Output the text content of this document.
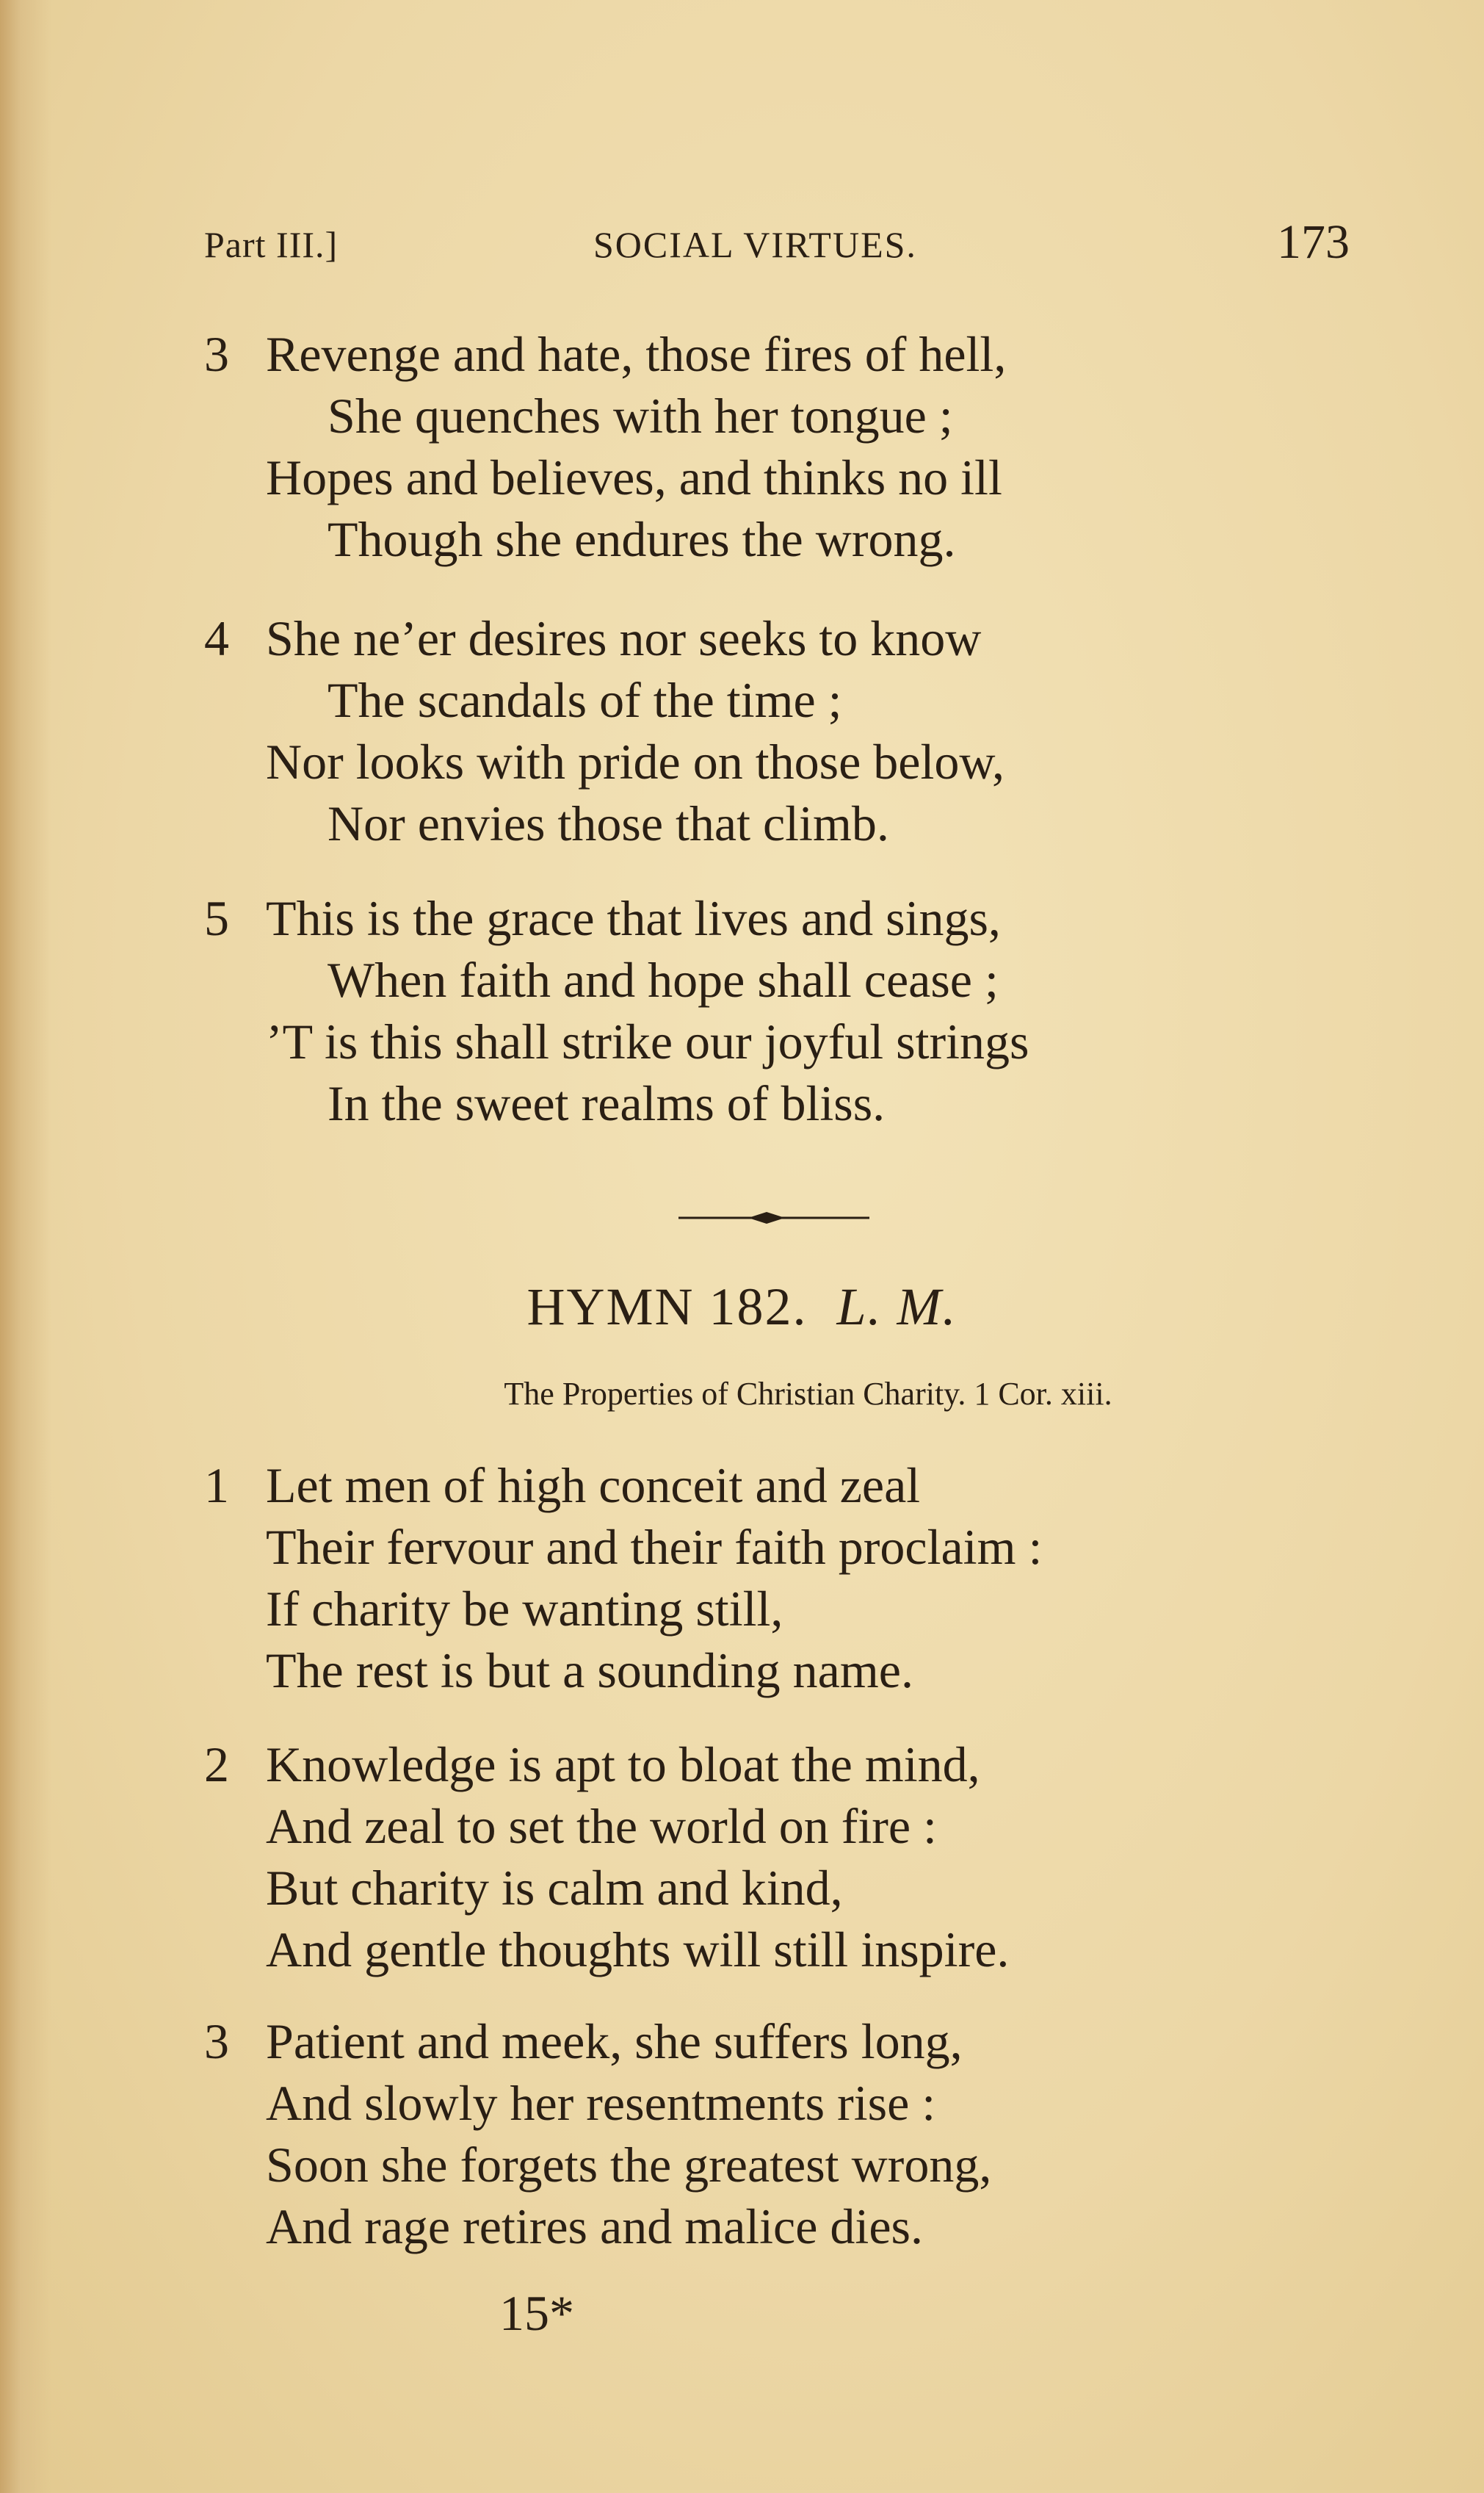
Part III.]	SOCIAL VIRTUES.	173
3 Revenge and hate, those fires of hell,
She quenches with her tongue ;
Hopes and believes, and thinks no ill
Though she endures the wrong.
4 She ne’er desires nor seeks to know
The scandals of the time ;
Nor looks with pride on those below,
Nor envies those that climb.
5 This is the grace that lives and sings,
When faith and hope shall cease ;
’T is this shall strike our joyful strings
In the sweet realms of bliss.
HYMN 182. L. M.
The Properties of Christian Charity. 1 Cor. xiii.
1 Let men of high conceit and zeal
Their fervour and their faith proclaim :
If charity be wanting still,
The rest is but a sounding name.
2 Knowledge is apt to bloat the mind,
And zeal to set the world on fire :
But charity is calm and kind,
And gentle thoughts will still inspire.
3 Patient and meek, she suffers long,
And slowly her resentments rise :
Soon she forgets the greatest wrong,
And rage retires and malice dies.
15*
